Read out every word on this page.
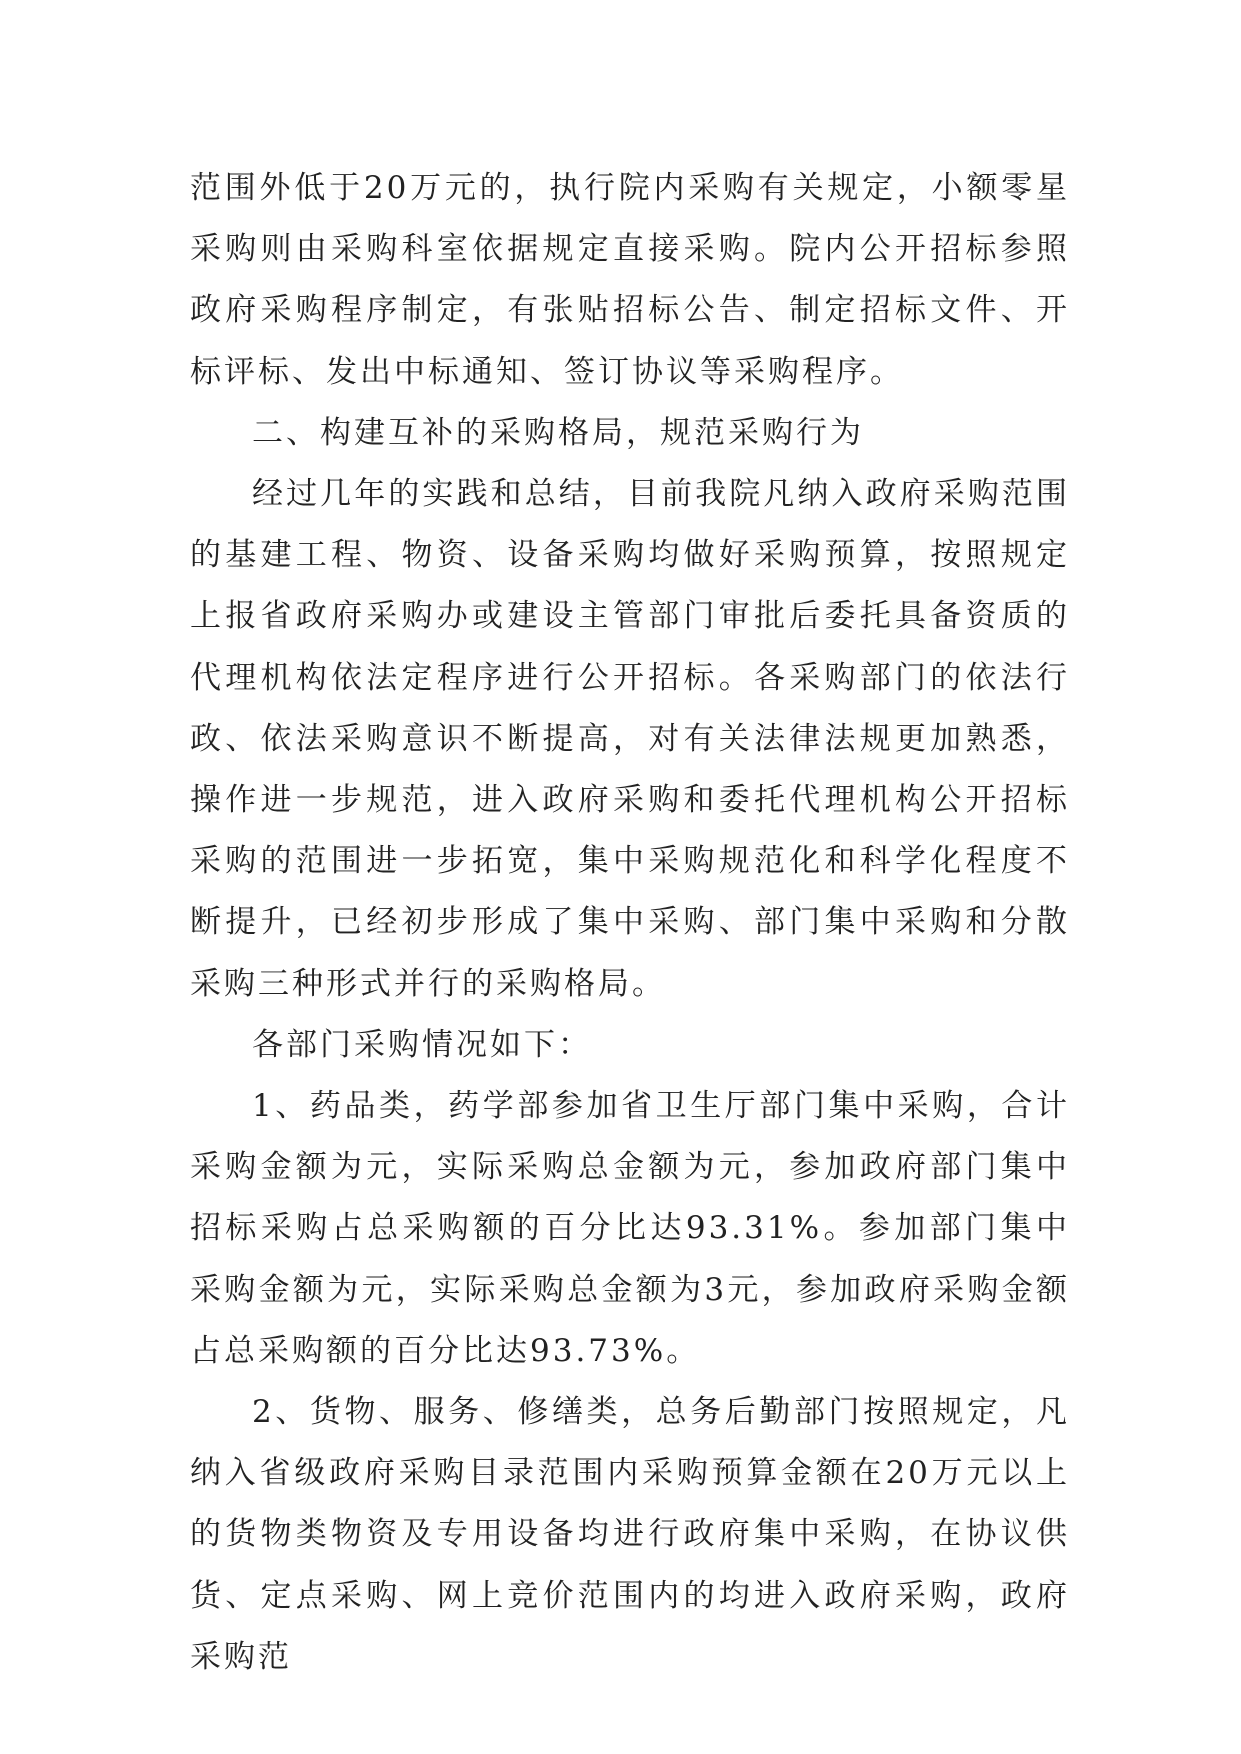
范围外低于20万元的，执行院内采购有关规定，小额零星采购则由采购科室依据规定直接采购。院内公开招标参照政府采购程序制定，有张贴招标公告、制定招标文件、开标评标、发出中标通知、签订协议等采购程序。

二、构建互补的采购格局，规范采购行为

经过几年的实践和总结，目前我院凡纳入政府采购范围的基建工程、物资、设备采购均做好采购预算，按照规定上报省政府采购办或建设主管部门审批后委托具备资质的代理机构依法定程序进行公开招标。各采购部门的依法行政、依法采购意识不断提高，对有关法律法规更加熟悉，操作进一步规范，进入政府采购和委托代理机构公开招标采购的范围进一步拓宽，集中采购规范化和科学化程度不断提升，已经初步形成了集中采购、部门集中采购和分散采购三种形式并行的采购格局。

各部门采购情况如下：

1、药品类，药学部参加省卫生厅部门集中采购，合计采购金额为元，实际采购总金额为元，参加政府部门集中招标采购占总采购额的百分比达93.31%。参加部门集中采购金额为元，实际采购总金额为3元，参加政府采购金额占总采购额的百分比达93.73%。

2、货物、服务、修缮类，总务后勤部门按照规定，凡纳入省级政府采购目录范围内采购预算金额在20万元以上的货物类物资及专用设备均进行政府集中采购，在协议供货、定点采购、网上竞价范围内的均进入政府采购，政府采购范
